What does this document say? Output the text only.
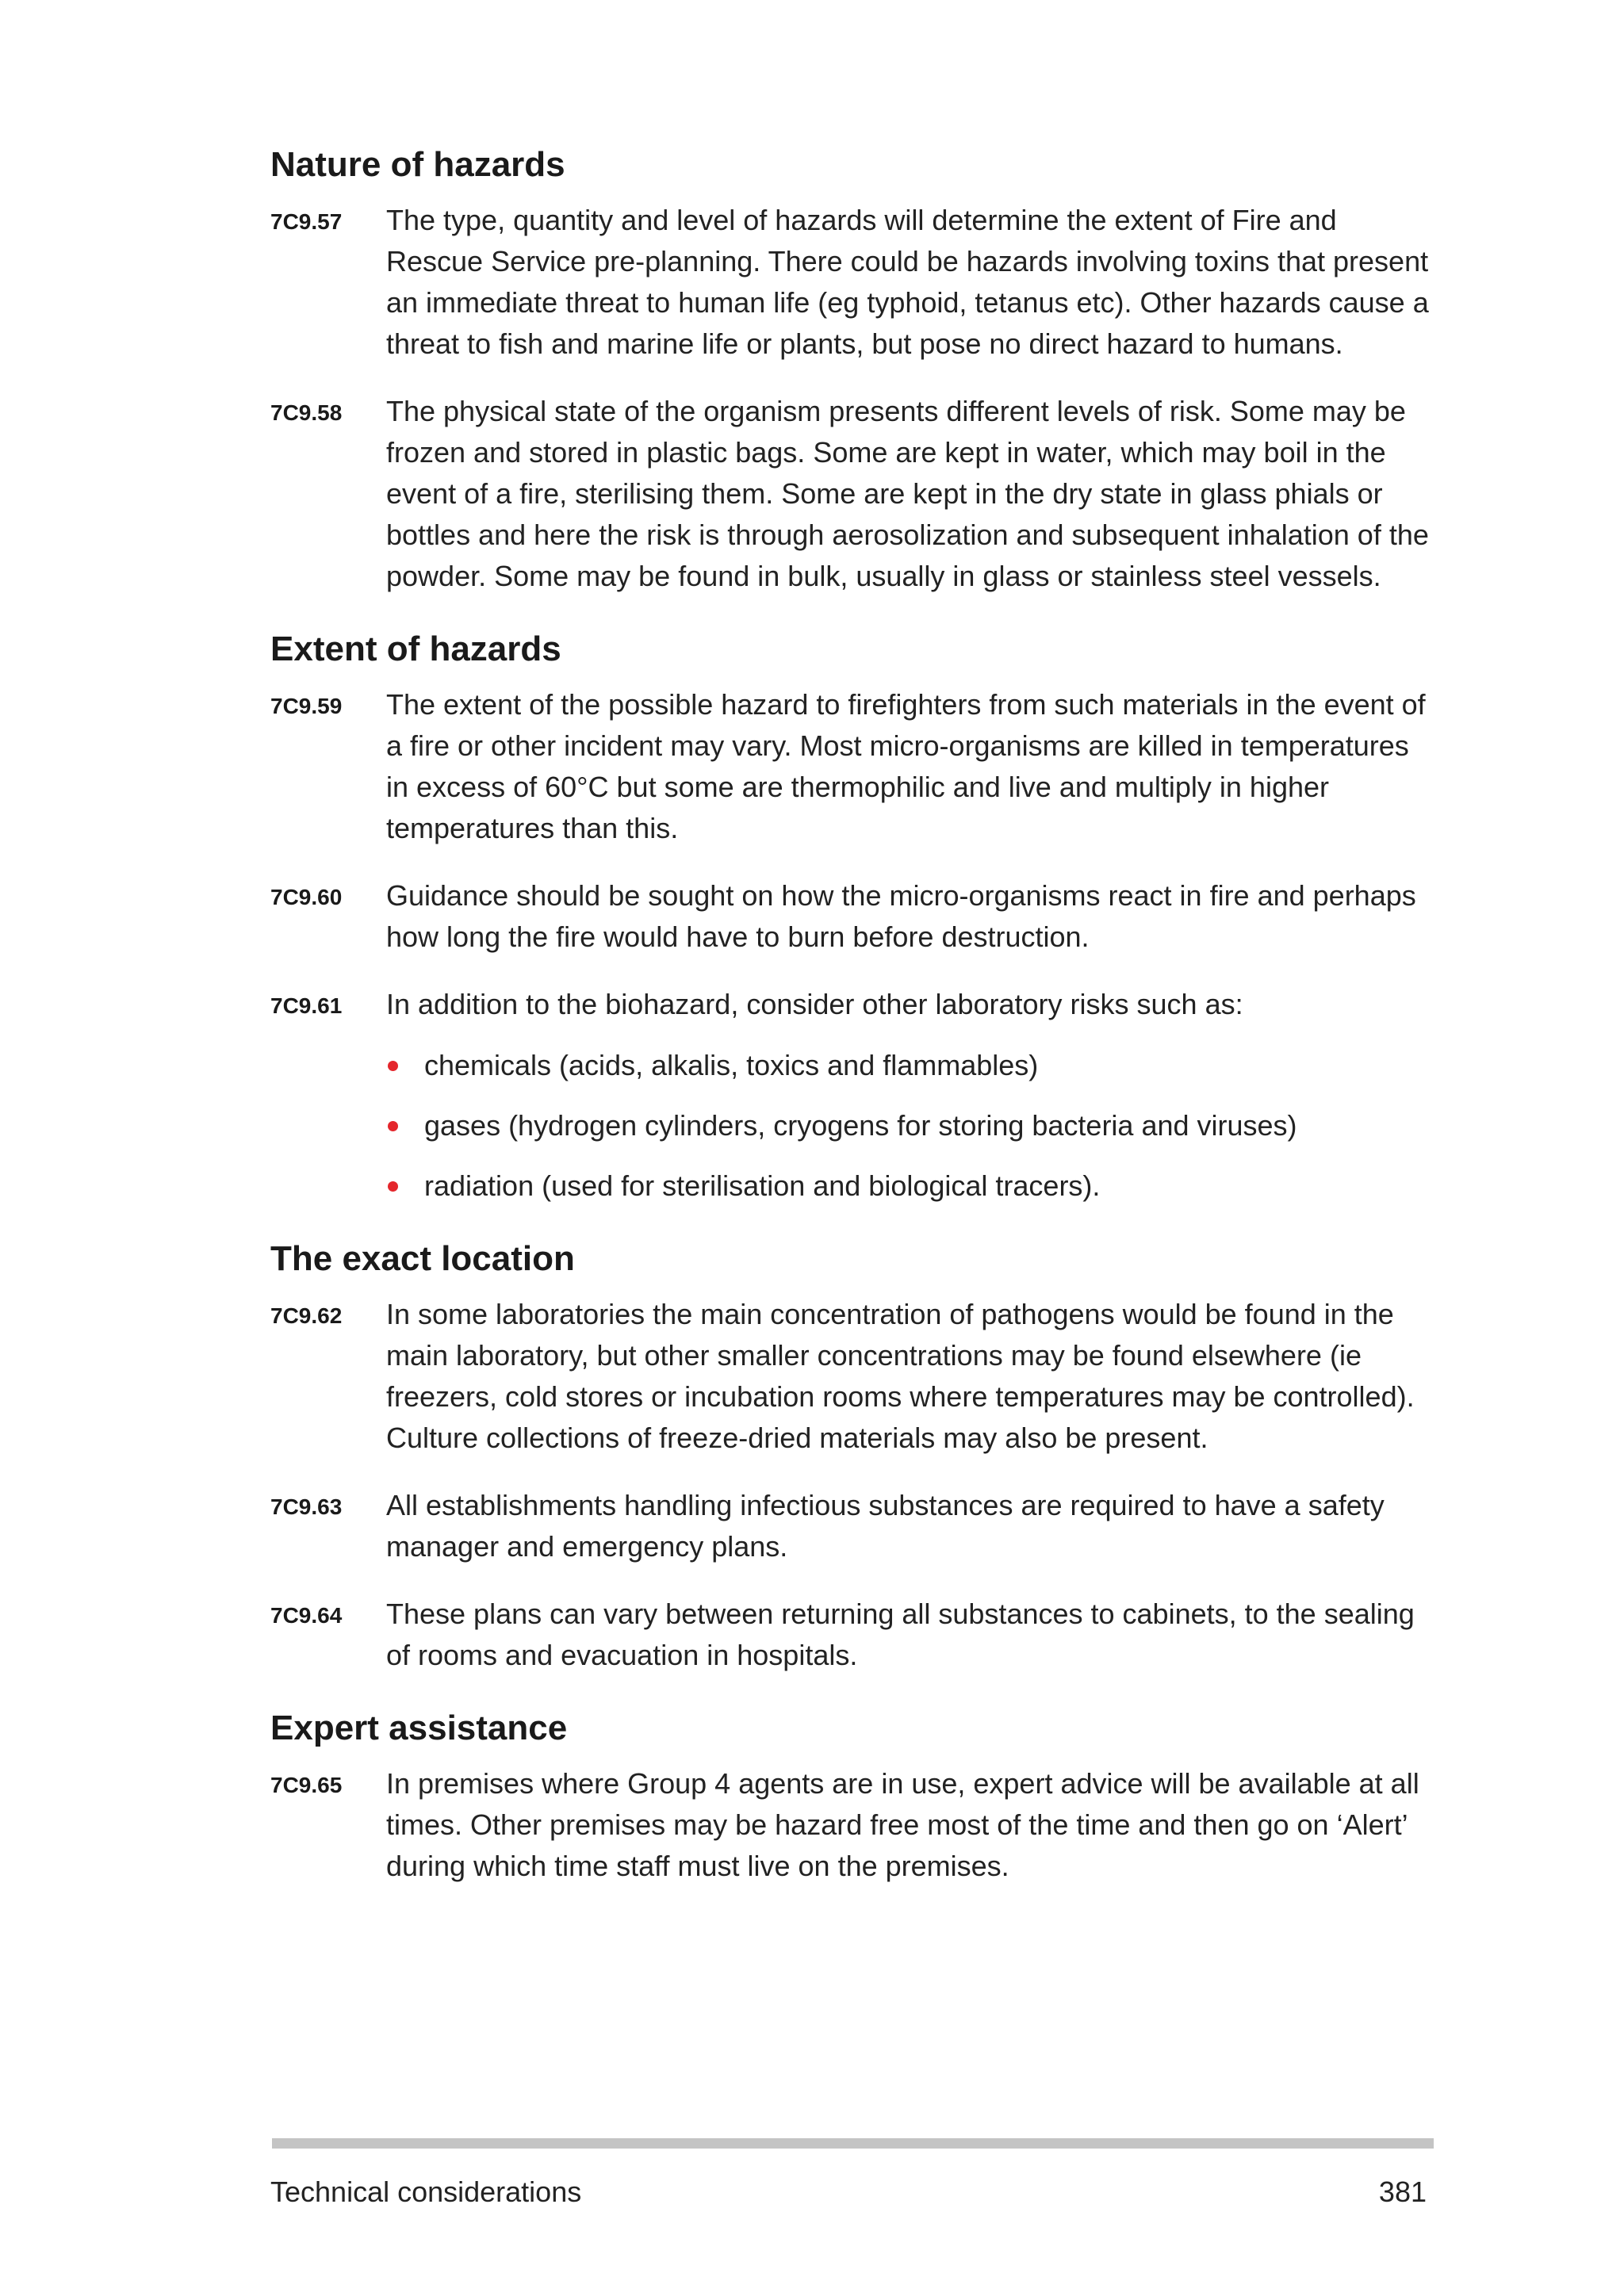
Nature of hazards
7C9.57	The type, quantity and level of hazards will determine the extent of Fire and Rescue Service pre-planning. There could be hazards involving toxins that present an immediate threat to human life (eg typhoid, tetanus etc). Other hazards cause a threat to fish and marine life or plants, but pose no direct hazard to humans.
7C9.58	The physical state of the organism presents different levels of risk. Some may be frozen and stored in plastic bags. Some are kept in water, which may boil in the event of a fire, sterilising them. Some are kept in the dry state in glass phials or bottles and here the risk is through aerosolization and subsequent inhalation of the powder. Some may be found in bulk, usually in glass or stainless steel vessels.
Extent of hazards
7C9.59	The extent of the possible hazard to firefighters from such materials in the event of a fire or other incident may vary. Most micro-organisms are killed in temperatures in excess of 60°C but some are thermophilic and live and multiply in higher temperatures than this.
7C9.60	Guidance should be sought on how the micro-organisms react in fire and perhaps how long the fire would have to burn before destruction.
7C9.61	In addition to the biohazard, consider other laboratory risks such as:
chemicals (acids, alkalis, toxics and flammables)
gases (hydrogen cylinders, cryogens for storing bacteria and viruses)
radiation (used for sterilisation and biological tracers).
The exact location
7C9.62	In some laboratories the main concentration of pathogens would be found in the main laboratory, but other smaller concentrations may be found elsewhere (ie freezers, cold stores or incubation rooms where temperatures may be controlled). Culture collections of freeze-dried materials may also be present.
7C9.63	All establishments handling infectious substances are required to have a safety manager and emergency plans.
7C9.64	These plans can vary between returning all substances to cabinets, to the sealing of rooms and evacuation in hospitals.
Expert assistance
7C9.65	In premises where Group 4 agents are in use, expert advice will be available at all times. Other premises may be hazard free most of the time and then go on ‘Alert’ during which time staff must live on the premises.
Technical considerations	381
